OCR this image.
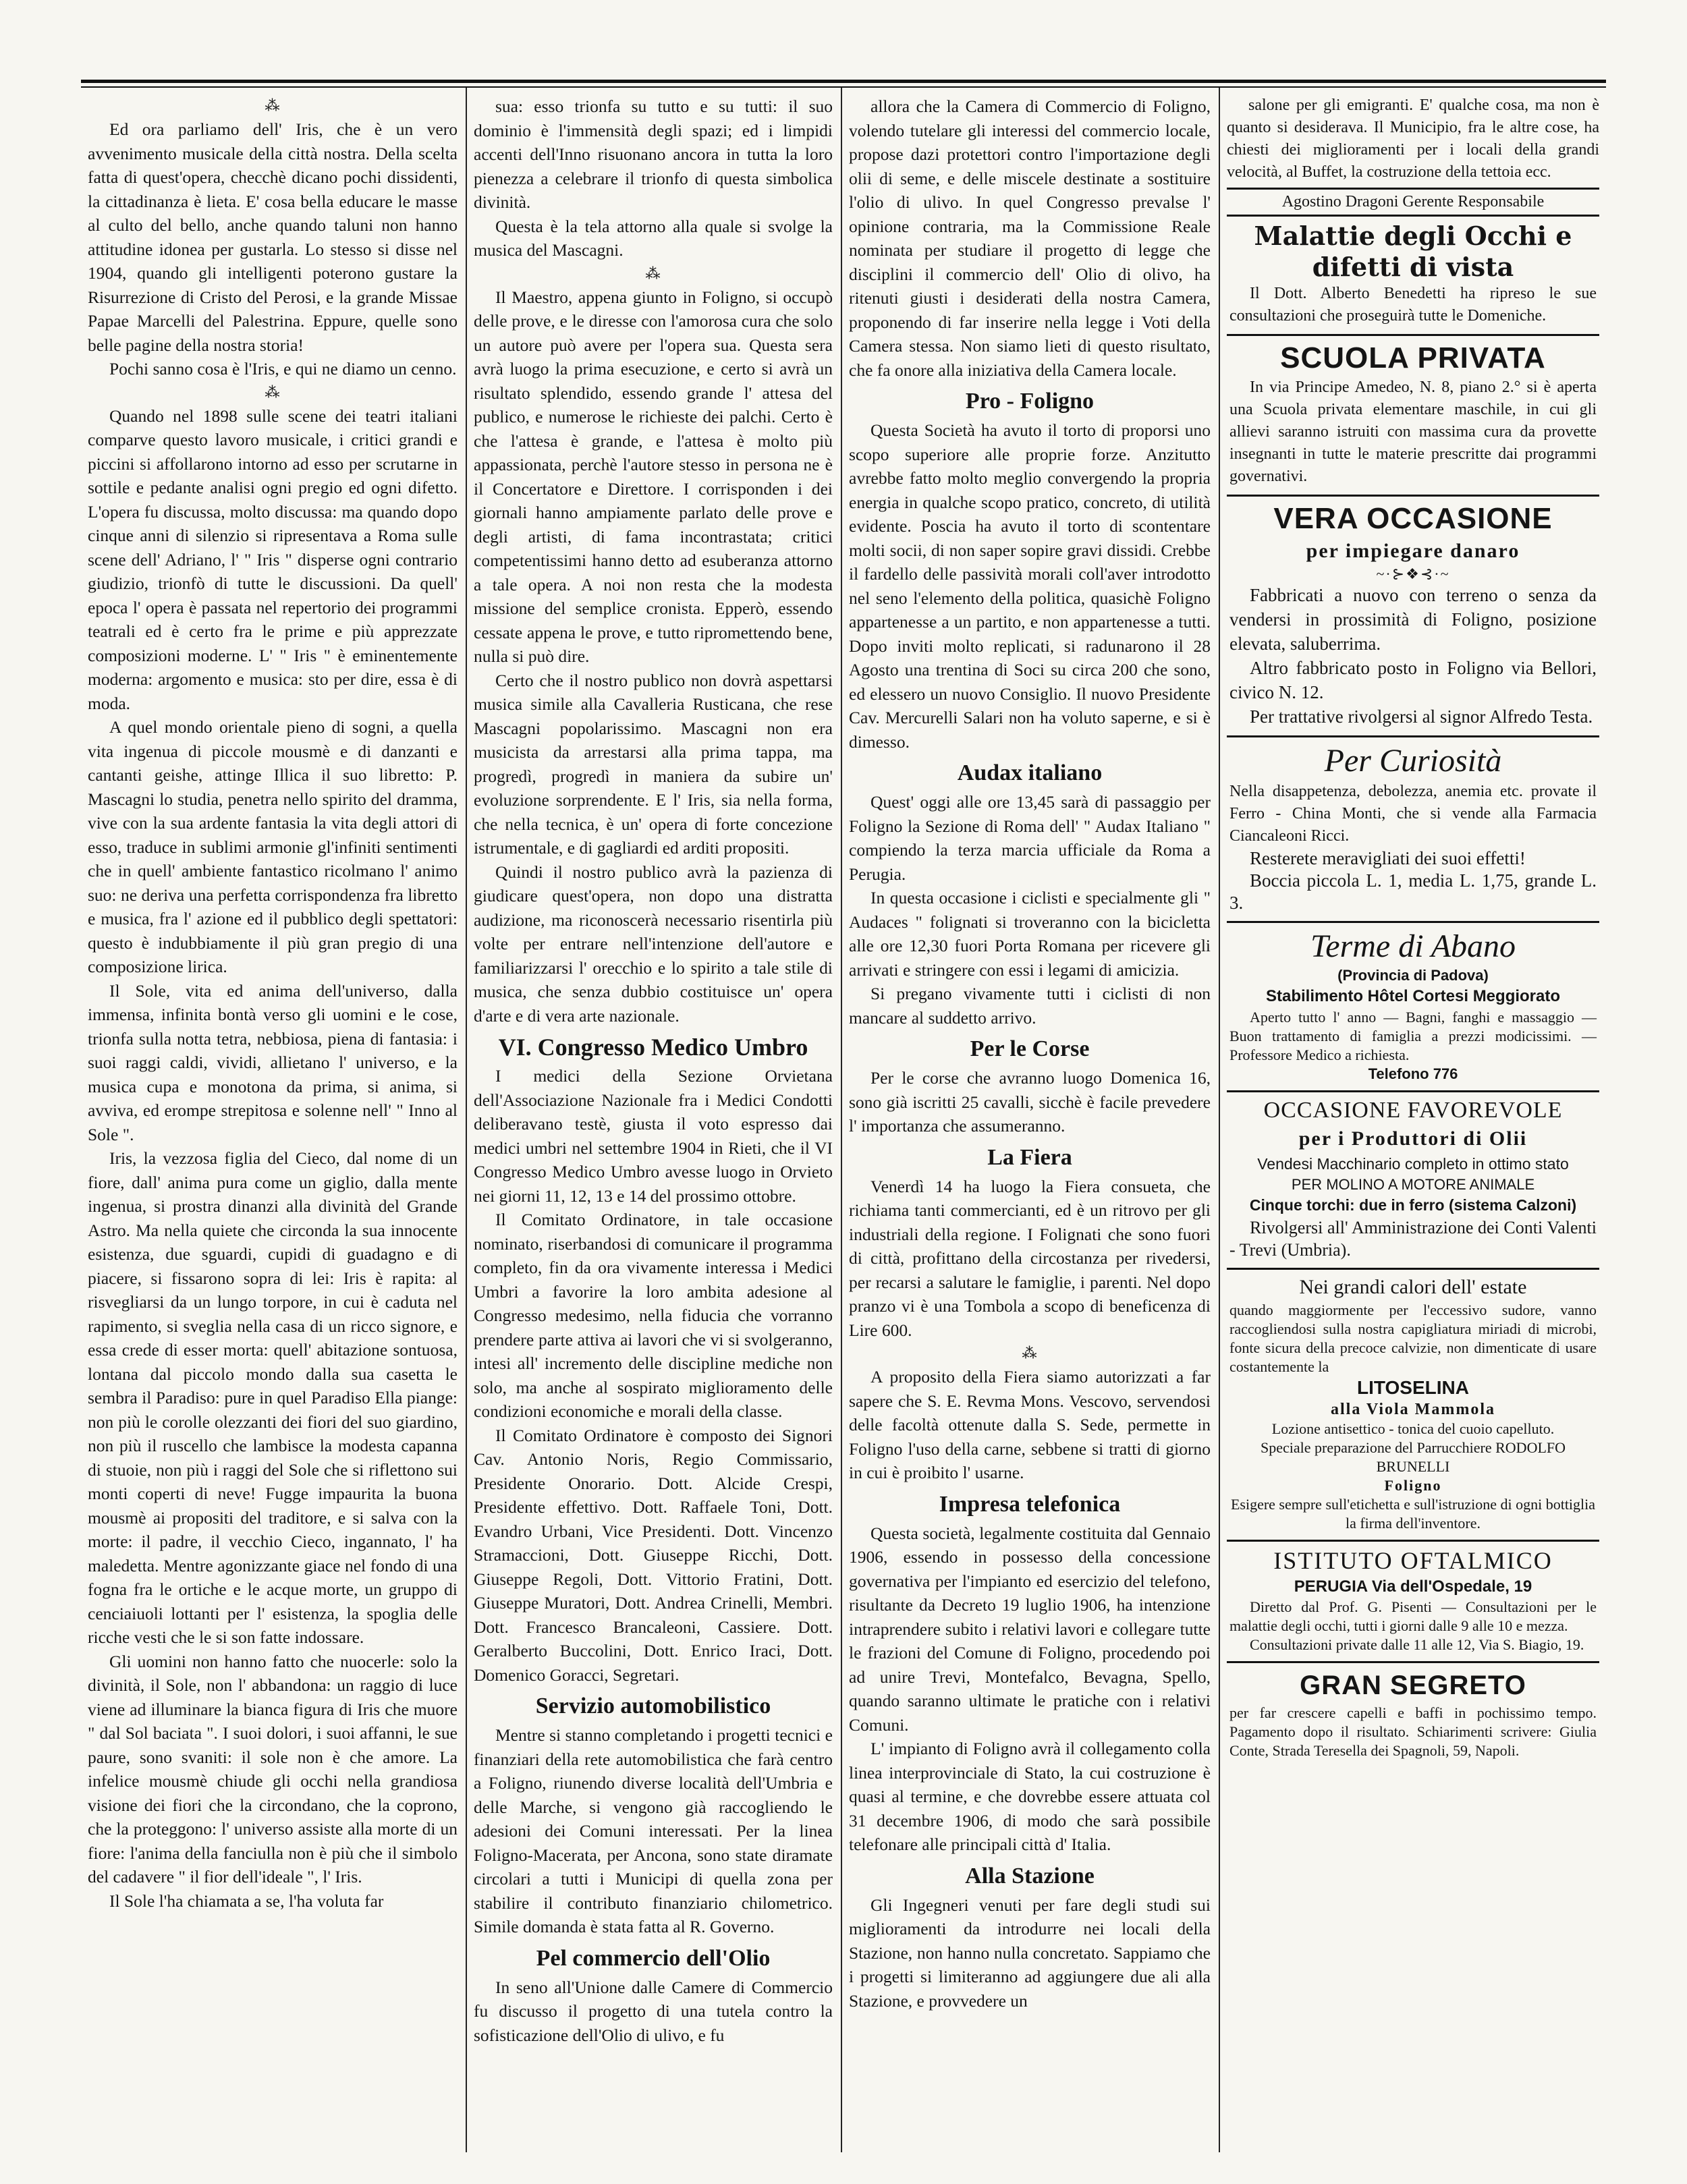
⁂

Ed ora parliamo dell' Iris, che è un vero avvenimento musicale della città nostra. Della scelta fatta di quest'opera, checchè dicano pochi dissidenti, la cittadinanza è lieta. E' cosa bella educare le masse al culto del bello, anche quando taluni non hanno attitudine idonea per gustarla. Lo stesso si disse nel 1904, quando gli intelligenti poterono gustare la Risurrezione di Cristo del Perosi, e la grande Missae Papae Marcelli del Palestrina. Eppure, quelle sono belle pagine della nostra storia!

Pochi sanno cosa è l'Iris, e qui ne diamo un cenno.

⁂

Quando nel 1898 sulle scene dei teatri italiani comparve questo lavoro musicale, i critici grandi e piccini si affollarono intorno ad esso per scrutarne in sottile e pedante analisi ogni pregio ed ogni difetto. L'opera fu discussa, molto discussa: ma quando dopo cinque anni di silenzio si ripresentava a Roma sulle scene dell' Adriano, l' " Iris " disperse ogni contrario giudizio, trionfò di tutte le discussioni. Da quell' epoca l' opera è passata nel repertorio dei programmi teatrali ed è certo fra le prime e più apprezzate composizioni moderne. L' " Iris " è eminentemente moderna: argomento e musica: sto per dire, essa è di moda.

A quel mondo orientale pieno di sogni, a quella vita ingenua di piccole mousmè e di danzanti e cantanti geishe, attinge Illica il suo libretto: P. Mascagni lo studia, penetra nello spirito del dramma, vive con la sua ardente fantasia la vita degli attori di esso, traduce in sublimi armonie gl'infiniti sentimenti che in quell' ambiente fantastico ricolmano l' animo suo: ne deriva una perfetta corrispondenza fra libretto e musica, fra l' azione ed il pubblico degli spettatori: questo è indubbiamente il più gran pregio di una composizione lirica.

Il Sole, vita ed anima dell'universo, dalla immensa, infinita bontà verso gli uomini e le cose, trionfa sulla notta tetra, nebbiosa, piena di fantasia: i suoi raggi caldi, vividi, allietano l' universo, e la musica cupa e monotona da prima, si anima, si avviva, ed erompe strepitosa e solenne nell' " Inno al Sole ".

Iris, la vezzosa figlia del Cieco, dal nome di un fiore, dall' anima pura come un giglio, dalla mente ingenua, si prostra dinanzi alla divinità del Grande Astro. Ma nella quiete che circonda la sua innocente esistenza, due sguardi, cupidi di guadagno e di piacere, si fissarono sopra di lei: Iris è rapita: al risvegliarsi da un lungo torpore, in cui è caduta nel rapimento, si sveglia nella casa di un ricco signore, e essa crede di esser morta: quell' abitazione sontuosa, lontana dal piccolo mondo dalla sua casetta le sembra il Paradiso: pure in quel Paradiso Ella piange: non più le corolle olezzanti dei fiori del suo giardino, non più il ruscello che lambisce la modesta capanna di stuoie, non più i raggi del Sole che si riflettono sui monti coperti di neve! Fugge impaurita la buona mousmè ai propositi del traditore, e si salva con la morte: il padre, il vecchio Cieco, ingannato, l' ha maledetta. Mentre agonizzante giace nel fondo di una fogna fra le ortiche e le acque morte, un gruppo di cenciaiuoli lottanti per l' esistenza, la spoglia delle ricche vesti che le si son fatte indossare.

Gli uomini non hanno fatto che nuocerle: solo la divinità, il Sole, non l' abbandona: un raggio di luce viene ad illuminare la bianca figura di Iris che muore " dal Sol baciata ". I suoi dolori, i suoi affanni, le sue paure, sono svaniti: il sole non è che amore. La infelice mousmè chiude gli occhi nella grandiosa visione dei fiori che la circondano, che la coprono, che la proteggono: l' universo assiste alla morte di un fiore: l'anima della fanciulla non è più che il simbolo del cadavere " il fior dell'ideale ", l' Iris.

Il Sole l'ha chiamata a se, l'ha voluta far

sua: esso trionfa su tutto e su tutti: il suo dominio è l'immensità degli spazi; ed i limpidi accenti dell'Inno risuonano ancora in tutta la loro pienezza a celebrare il trionfo di questa simbolica divinità.

Questa è la tela attorno alla quale si svolge la musica del Mascagni.

⁂

Il Maestro, appena giunto in Foligno, si occupò delle prove, e le diresse con l'amorosa cura che solo un autore può avere per l'opera sua. Questa sera avrà luogo la prima esecuzione, e certo si avrà un risultato splendido, essendo grande l' attesa del publico, e numerose le richieste dei palchi. Certo è che l'attesa è grande, e l'attesa è molto più appassionata, perchè l'autore stesso in persona ne è il Concertatore e Direttore. I corrisponden i dei giornali hanno ampiamente parlato delle prove e degli artisti, di fama incontrastata; critici competentissimi hanno detto ad esuberanza attorno a tale opera. A noi non resta che la modesta missione del semplice cronista. Epperò, essendo cessate appena le prove, e tutto ripromettendo bene, nulla si può dire.

Certo che il nostro publico non dovrà aspettarsi musica simile alla Cavalleria Rusticana, che rese Mascagni popolarissimo. Mascagni non era musicista da arrestarsi alla prima tappa, ma progredì, progredì in maniera da subire un' evoluzione sorprendente. E l' Iris, sia nella forma, che nella tecnica, è un' opera di forte concezione istrumentale, e di gagliardi ed arditi propositi.

Quindi il nostro publico avrà la pazienza di giudicare quest'opera, non dopo una distratta audizione, ma riconoscerà necessario risentirla più volte per entrare nell'intenzione dell'autore e familiarizzarsi l' orecchio e lo spirito a tale stile di musica, che senza dubbio costituisce un' opera d'arte e di vera arte nazionale.

VI. Congresso Medico Umbro

I medici della Sezione Orvietana dell'Associazione Nazionale fra i Medici Condotti deliberavano testè, giusta il voto espresso dai medici umbri nel settembre 1904 in Rieti, che il VI Congresso Medico Umbro avesse luogo in Orvieto nei giorni 11, 12, 13 e 14 del prossimo ottobre.

Il Comitato Ordinatore, in tale occasione nominato, riserbandosi di comunicare il programma completo, fin da ora vivamente interessa i Medici Umbri a favorire la loro ambita adesione al Congresso medesimo, nella fiducia che vorranno prendere parte attiva ai lavori che vi si svolgeranno, intesi all' incremento delle discipline mediche non solo, ma anche al sospirato miglioramento delle condizioni economiche e morali della classe.

Il Comitato Ordinatore è composto dei Signori Cav. Antonio Noris, Regio Commissario, Presidente Onorario. Dott. Alcide Crespi, Presidente effettivo. Dott. Raffaele Toni, Dott. Evandro Urbani, Vice Presidenti. Dott. Vincenzo Stramaccioni, Dott. Giuseppe Ricchi, Dott. Giuseppe Regoli, Dott. Vittorio Fratini, Dott. Giuseppe Muratori, Dott. Andrea Crinelli, Membri. Dott. Francesco Brancaleoni, Cassiere. Dott. Geralberto Buccolini, Dott. Enrico Iraci, Dott. Domenico Goracci, Segretari.

Servizio automobilistico

Mentre si stanno completando i progetti tecnici e finanziari della rete automobilistica che farà centro a Foligno, riunendo diverse località dell'Umbria e delle Marche, si vengono già raccogliendo le adesioni dei Comuni interessati. Per la linea Foligno-Macerata, per Ancona, sono state diramate circolari a tutti i Municipi di quella zona per stabilire il contributo finanziario chilometrico. Simile domanda è stata fatta al R. Governo.

Pel commercio dell'Olio

In seno all'Unione dalle Camere di Commercio fu discusso il progetto di una tutela contro la sofisticazione dell'Olio di ulivo, e fu

allora che la Camera di Commercio di Foligno, volendo tutelare gli interessi del commercio locale, propose dazi protettori contro l'importazione degli olii di seme, e delle miscele destinate a sostituire l'olio di ulivo. In quel Congresso prevalse l' opinione contraria, ma la Commissione Reale nominata per studiare il progetto di legge che disciplini il commercio dell' Olio di olivo, ha ritenuti giusti i desiderati della nostra Camera, proponendo di far inserire nella legge i Voti della Camera stessa. Non siamo lieti di questo risultato, che fa onore alla iniziativa della Camera locale.

Pro - Foligno

Questa Società ha avuto il torto di proporsi uno scopo superiore alle proprie forze. Anzitutto avrebbe fatto molto meglio convergendo la propria energia in qualche scopo pratico, concreto, di utilità evidente. Poscia ha avuto il torto di scontentare molti socii, di non saper sopire gravi dissidi. Crebbe il fardello delle passività morali coll'aver introdotto nel seno l'elemento della politica, quasichè Foligno appartenesse a un partito, e non appartenesse a tutti. Dopo inviti molto replicati, si radunarono il 28 Agosto una trentina di Soci su circa 200 che sono, ed elessero un nuovo Consiglio. Il nuovo Presidente Cav. Mercurelli Salari non ha voluto saperne, e si è dimesso.

Audax italiano

Quest' oggi alle ore 13,45 sarà di passaggio per Foligno la Sezione di Roma dell' " Audax Italiano " compiendo la terza marcia ufficiale da Roma a Perugia.

In questa occasione i ciclisti e specialmente gli " Audaces " folignati si troveranno con la bicicletta alle ore 12,30 fuori Porta Romana per ricevere gli arrivati e stringere con essi i legami di amicizia.

Si pregano vivamente tutti i ciclisti di non mancare al suddetto arrivo.

Per le Corse

Per le corse che avranno luogo Domenica 16, sono già iscritti 25 cavalli, sicchè è facile prevedere l' importanza che assumeranno.

La Fiera

Venerdì 14 ha luogo la Fiera consueta, che richiama tanti commercianti, ed è un ritrovo per gli industriali della regione. I Folignati che sono fuori di città, profittano della circostanza per rivedersi, per recarsi a salutare le famiglie, i parenti. Nel dopo pranzo vi è una Tombola a scopo di beneficenza di Lire 600.

⁂

A proposito della Fiera siamo autorizzati a far sapere che S. E. Revma Mons. Vescovo, servendosi delle facoltà ottenute dalla S. Sede, permette in Foligno l'uso della carne, sebbene si tratti di giorno in cui è proibito l' usarne.

Impresa telefonica

Questa società, legalmente costituita dal Gennaio 1906, essendo in possesso della concessione governativa per l'impianto ed esercizio del telefono, risultante da Decreto 19 luglio 1906, ha intenzione intraprendere subito i relativi lavori e collegare tutte le frazioni del Comune di Foligno, procedendo poi ad unire Trevi, Montefalco, Bevagna, Spello, quando saranno ultimate le pratiche con i relativi Comuni.

L' impianto di Foligno avrà il collegamento colla linea interprovinciale di Stato, la cui costruzione è quasi al termine, e che dovrebbe essere attuata col 31 decembre 1906, di modo che sarà possibile telefonare alle principali città d' Italia.

Alla Stazione

Gli Ingegneri venuti per fare degli studi sui miglioramenti da introdurre nei locali della Stazione, non hanno nulla concretato. Sappiamo che i progetti si limiteranno ad aggiungere due ali alla Stazione, e provvedere un

salone per gli emigranti. E' qualche cosa, ma non è quanto si desiderava. Il Municipio, fra le altre cose, ha chiesti dei miglioramenti per i locali della grandi velocità, al Buffet, la costruzione della tettoia ecc.

Agostino Dragoni Gerente Responsabile
Malattie degli Occhi e difetti di vista

Il Dott. Alberto Benedetti ha ripreso le sue consultazioni che proseguirà tutte le Domeniche.

SCUOLA PRIVATA

In via Principe Amedeo, N. 8, piano 2.° si è aperta una Scuola privata elementare maschile, in cui gli allievi saranno istruiti con massima cura da provette insegnanti in tutte le materie prescritte dai programmi governativi.

VERA OCCASIONE
per impiegare danaro
~·⊱❖⊰·~

Fabbricati a nuovo con terreno o senza da vendersi in prossimità di Foligno, posizione elevata, saluberrima.

Altro fabbricato posto in Foligno via Bellori, civico N. 12.

Per trattative rivolgersi al signor Alfredo Testa.

Per Curiosità

Nella disappetenza, debolezza, anemia etc. provate il Ferro - China Monti, che si vende alla Farmacia Ciancaleoni Ricci.

Resterete meravigliati dei suoi effetti!

Boccia piccola L. 1, media L. 1,75, grande L. 3.

Terme di Abano
(Provincia di Padova)
Stabilimento Hôtel Cortesi Meggiorato

Aperto tutto l' anno — Bagni, fanghi e massaggio — Buon trattamento di famiglia a prezzi modicissimi. — Professore Medico a richiesta.

Telefono 776
OCCASIONE FAVOREVOLE
per i Produttori di Olii
Vendesi Macchinario completo in ottimo stato
PER MOLINO A MOTORE ANIMALE
Cinque torchi: due in ferro (sistema Calzoni)

Rivolgersi all' Amministrazione dei Conti Valenti - Trevi (Umbria).

Nei grandi calori dell' estate

quando maggiormente per l'eccessivo sudore, vanno raccogliendosi sulla nostra capigliatura miriadi di microbi, fonte sicura della precoce calvizie, non dimenticate di usare costantemente la

LITOSELINA
alla Viola Mammola
Lozione antisettico - tonica del cuoio capelluto.
Speciale preparazione del Parrucchiere RODOLFO BRUNELLI
Foligno
Esigere sempre sull'etichetta e sull'istruzione di ogni bottiglia la firma dell'inventore.
ISTITUTO OFTALMICO
PERUGIA Via dell'Ospedale, 19

Diretto dal Prof. G. Pisenti — Consultazioni per le malattie degli occhi, tutti i giorni dalle 9 alle 10 e mezza.

Consultazioni private dalle 11 alle 12, Via S. Biagio, 19.

GRAN SEGRETO

per far crescere capelli e baffi in pochissimo tempo. Pagamento dopo il risultato. Schiarimenti scrivere: Giulia Conte, Strada Teresella dei Spagnoli, 59, Napoli.
